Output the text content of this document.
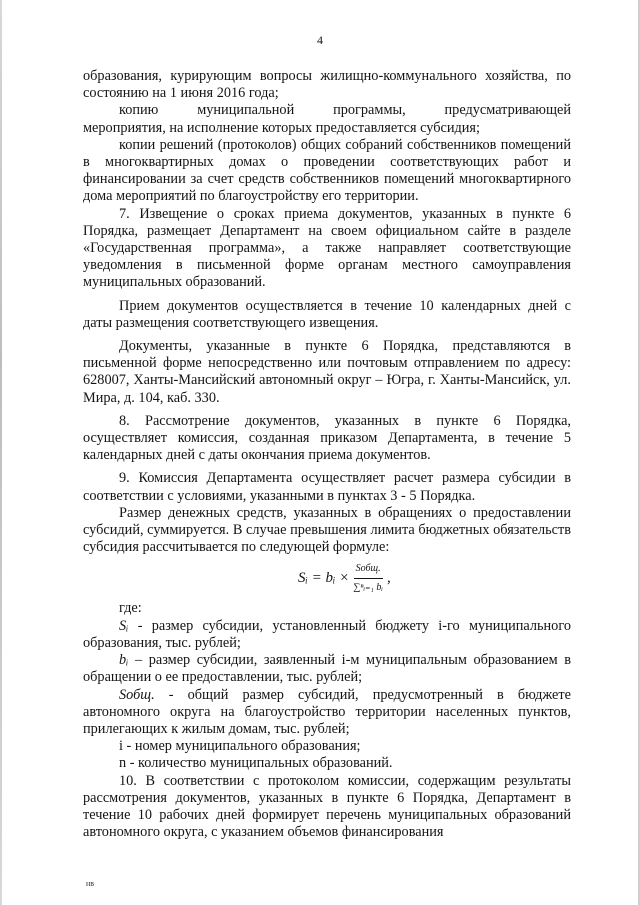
4

образования, курирующим вопросы жилищно-коммунального хозяйства, по состоянию на 1 июня 2016 года;

копию муниципальной программы, предусматривающей

мероприятия, на исполнение которых предоставляется субсидия;

копии решений (протоколов) общих собраний собственников помещений в многоквартирных домах о проведении соответствующих работ и финансировании за счет средств собственников помещений многоквартирного дома мероприятий по благоустройству его территории.

7. Извещение о сроках приема документов, указанных в пункте 6 Порядка, размещает Департамент на своем официальном сайте в разделе «Государственная программа», а также направляет соответствующие уведомления в письменной форме органам местного самоуправления муниципальных образований.

Прием документов осуществляется в течение 10 календарных дней с даты размещения соответствующего извещения.

Документы, указанные в пункте 6 Порядка, представляются в письменной форме непосредственно или почтовым отправлением по адресу: 628007, Ханты-Мансийский автономный округ – Югра, г. Ханты-Мансийск, ул. Мира, д. 104, каб. 330.

8. Рассмотрение документов, указанных в пункте 6 Порядка, осуществляет комиссия, созданная приказом Департамента, в течение 5 календарных дней с даты окончания приема документов.

9. Комиссия Департамента осуществляет расчет размера субсидии в соответствии с условиями, указанными в пунктах 3 - 5 Порядка.

Размер денежных средств, указанных в обращениях о предоставлении субсидий, суммируется. В случае превышения лимита бюджетных обязательств субсидия рассчитывается по следующей формуле:

Sᵢ = bᵢ × $\frac{\text{Sобщ.}}{\text{∑ⁿᵢ₌₁ bᵢ}}$ ,

где:

Sᵢ - размер субсидии, установленный бюджету i-го муниципального образования, тыс. рублей;

bᵢ – размер субсидии, заявленный i-м муниципальным образованием в обращении о ее предоставлении, тыс. рублей;

Sобщ. - общий размер субсидий, предусмотренный в бюджете автономного округа на благоустройство территории населенных пунктов, прилегающих к жилым домам, тыс. рублей;

i - номер муниципального образования;

n - количество муниципальных образований.

10. В соответствии с протоколом комиссии, содержащим результаты рассмотрения документов, указанных в пункте 6 Порядка, Департамент в течение 10 рабочих дней формирует перечень муниципальных образований автономного округа, с указанием объемов финансирования

нв
